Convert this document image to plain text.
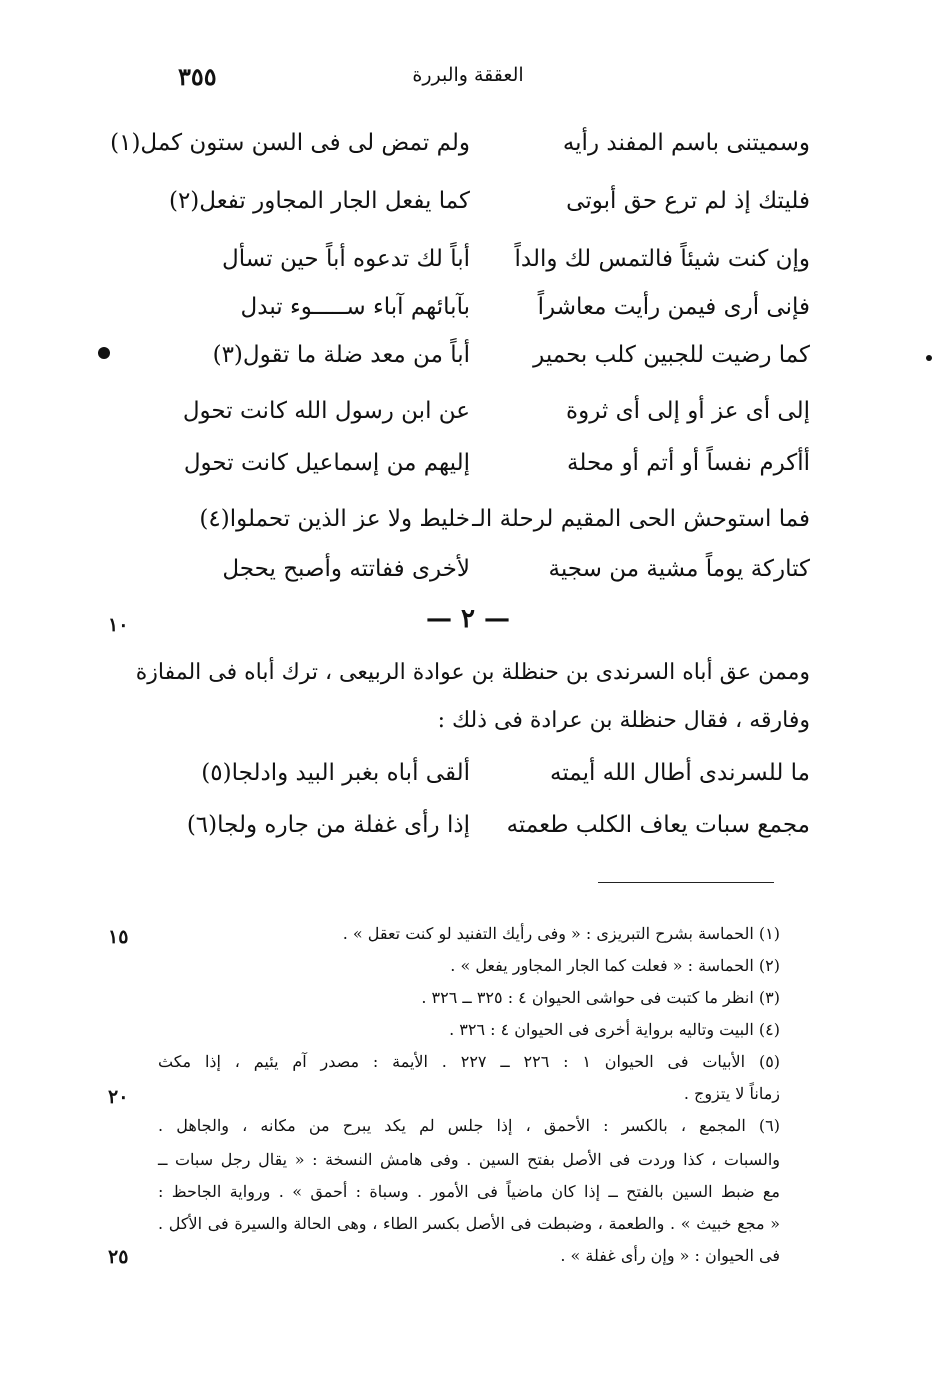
٣٥٥	العققة والبررة
وسميتنى باسم المفند رأيه
ولم تمض لى فى السن ستون كمل(١)
فليتك إذ لم ترع حق أبوتى
كما يفعل الجار المجاور تفعل(٢)
وإن كنت شيئاً فالتمس لك والداً
أباً لك تدعوه أباً حين تسأل
فإنى أرى فيمن رأيت معاشراً
بآبائهم آباء ســـــوء تبدل
كما رضيت للجبين كلب بحمير
أباً من معد ضلة ما تقول(٣)
إلى أى عز أو إلى أى ثروة
عن ابن رسول الله كانت تحول
أأكرم نفساً أو أتم أو محلة
إليهم من إسماعيل كانت تحول
فما استوحش الحى المقيم لرحلة الـ
خليط ولا عز الذين تحملوا(٤)
كتاركة يوماً مشية من سجية
لأخرى ففاتته وأصبح يحجل
١٠	— ٢ —
وممن عق أباه السرندى بن حنظلة بن عوادة الربيعى ، ترك أباه فى المفازة
وفارقه ، فقال حنظلة بن عرادة فى ذلك :
ما للسرندى أطال الله أيمته
ألقى أباه بغبر البيد وادلجا(٥)
مجمع سبات يعاف الكلب طعمته
إذا رأى غفلة من جاره ولجا(٦)
١٥
٢٠
٢٥
(١) الحماسة بشرح التبريزى : « وفى رأيك التفنيد لو كنت تعقل » .
(٢) الحماسة : « فعلت كما الجار المجاور يفعل » .
(٣) انظر ما كتبت فى حواشى الحيوان ٤ : ٣٢٥ ــ ٣٢٦ .
(٤) البيت وتاليه برواية أخرى فى الحيوان ٤ : ٣٢٦ .
(٥) الأبيات فى الحيوان ١ : ٢٢٦ ــ ٢٢٧ . الأيمة : مصدر آم يئيم ، إذا مكث
زماناً لا يتزوج .
(٦) المجمع ، بالكسر : الأحمق ، إذا جلس لم يكد يبرح من مكانه ، والجاهل .
والسبات ، كذا وردت فى الأصل بفتح السين . وفى هامش النسخة : « يقال رجل سبات ــ
مع ضبط السين بالفتح ــ إذا كان ماضياً فى الأمور . وسباة : أحمق » . ورواية الجاحظ :
« مجع خبيث » . والطعمة ، وضبطت فى الأصل بكسر الطاء ، وهى الحالة والسيرة فى الأكل .
فى الحيوان : « وإن رأى غفلة » .
